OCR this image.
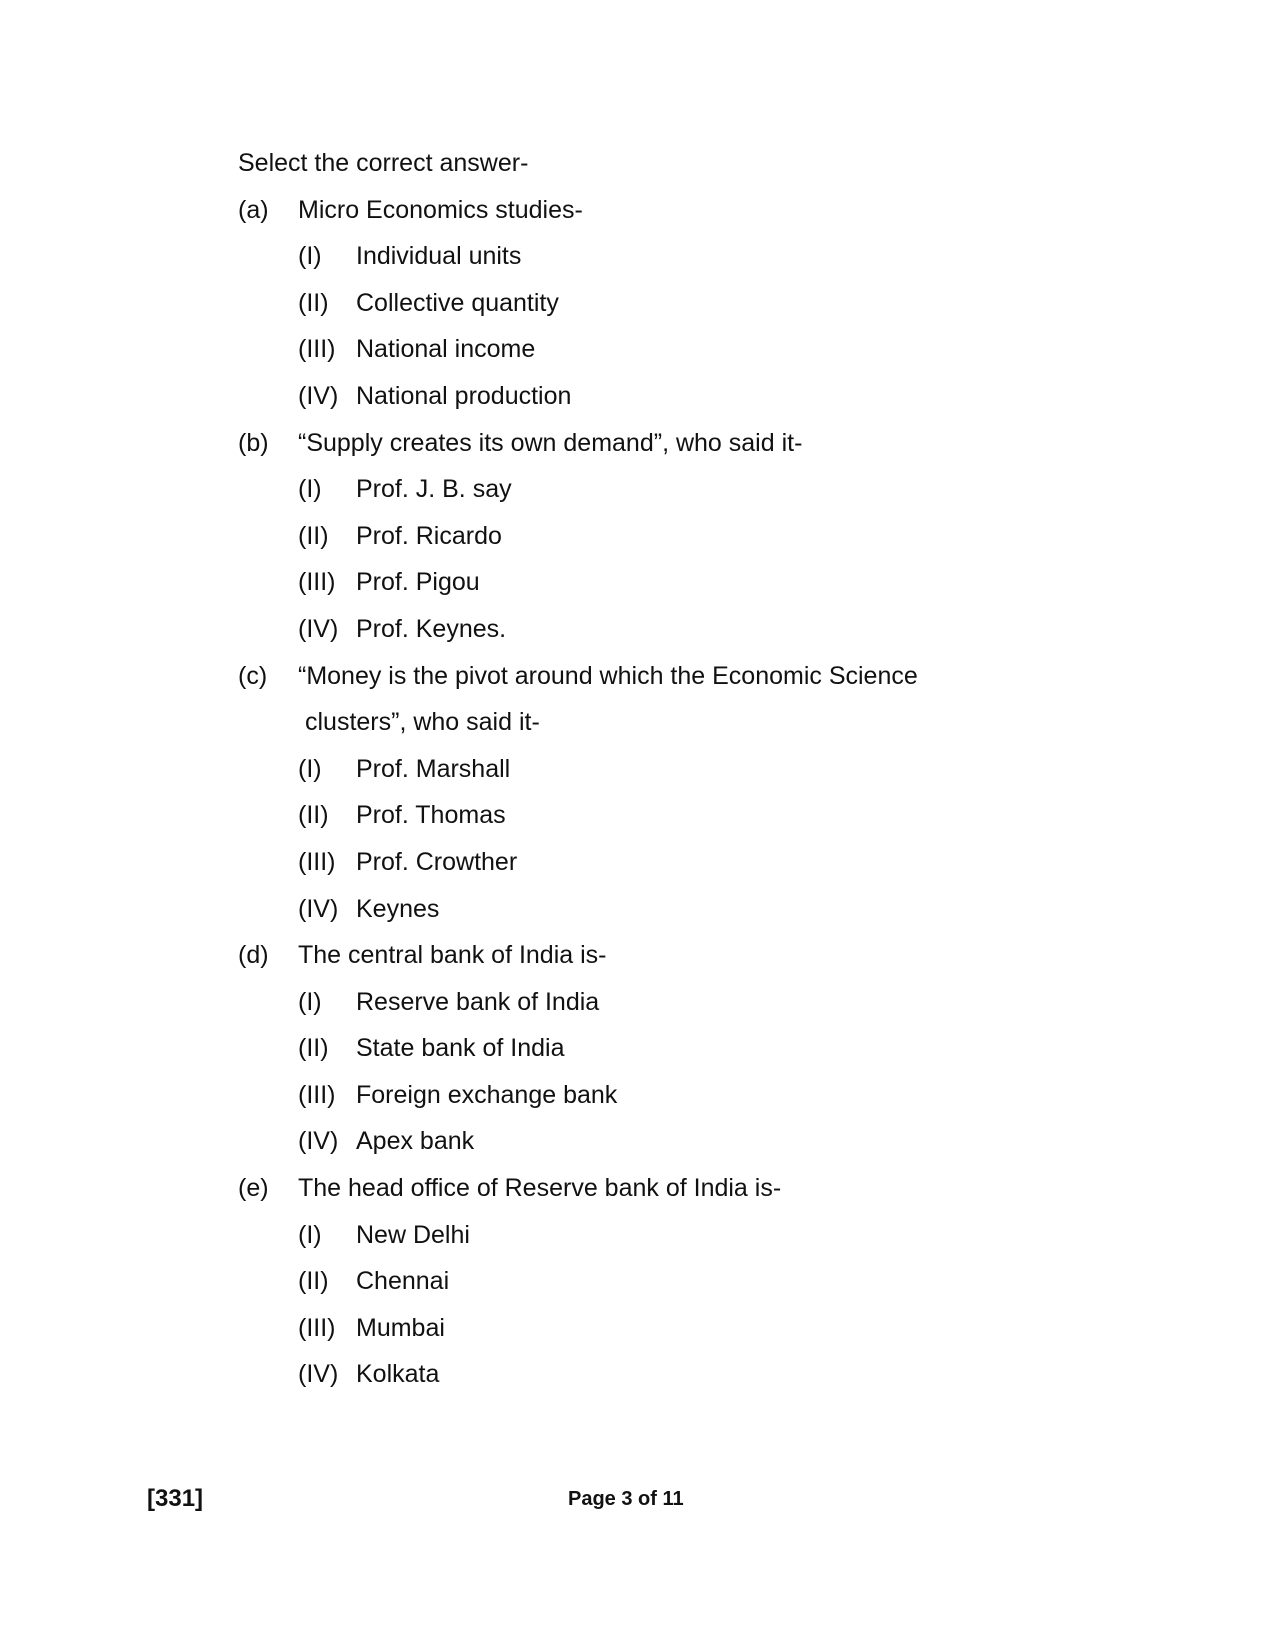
Select the correct answer-
(a) Micro Economics studies-
(I) Individual units
(II) Collective quantity
(III) National income
(IV) National production
(b) “Supply creates its own demand”, who said it-
(I) Prof. J. B. say
(II) Prof. Ricardo
(III) Prof. Pigou
(IV) Prof. Keynes.
(c) “Money is the pivot around which the Economic Science
clusters”, who said it-
(I) Prof. Marshall
(II) Prof. Thomas
(III) Prof. Crowther
(IV) Keynes
(d) The central bank of India is-
(I) Reserve bank of India
(II) State bank of India
(III) Foreign exchange bank
(IV) Apex bank
(e) The head office of Reserve bank of India is-
(I) New Delhi
(II) Chennai
(III) Mumbai
(IV) Kolkata
[331]	Page 3 of 11
